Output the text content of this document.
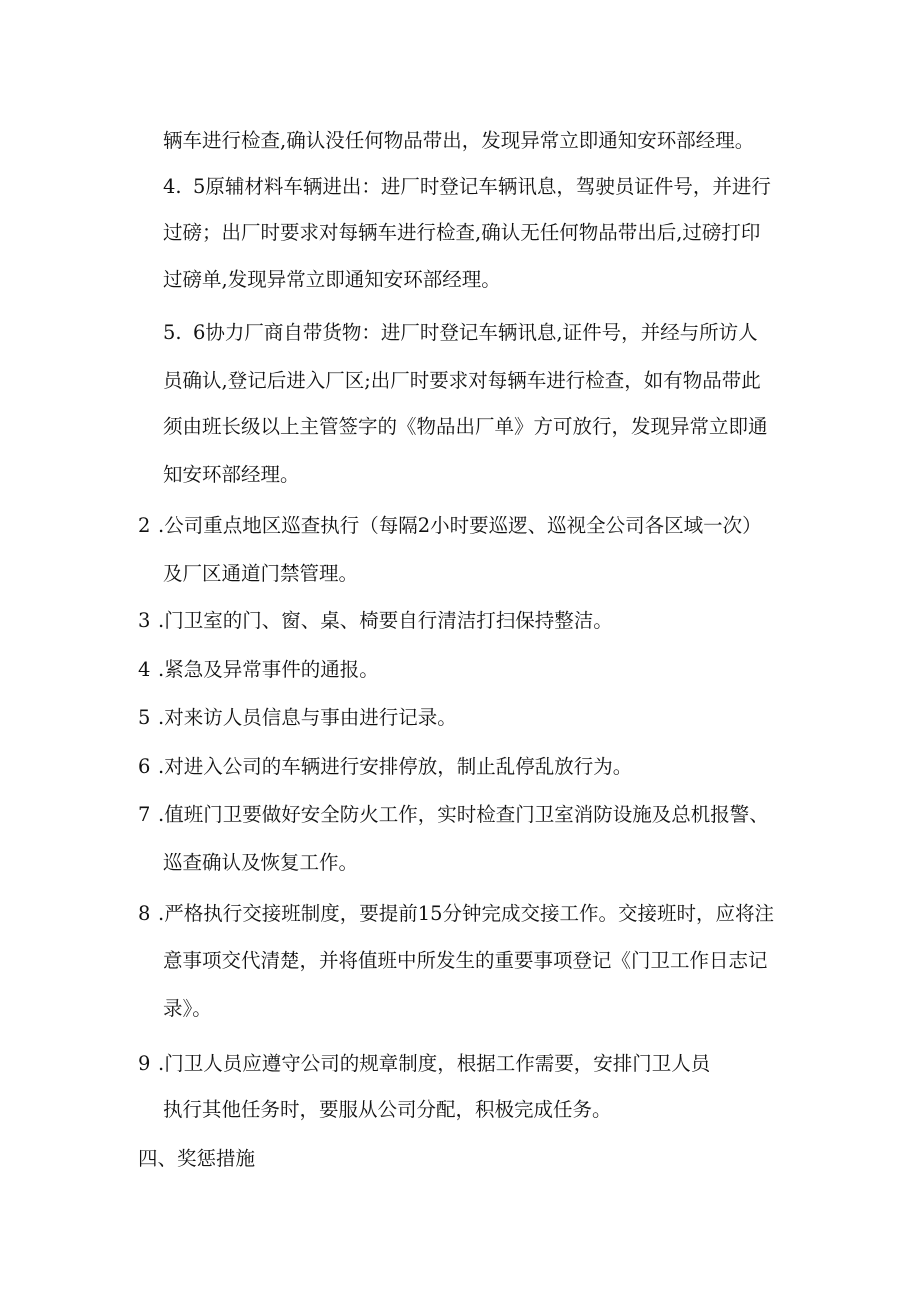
辆车进行检查,确认没任何物品带出，发现异常立即通知安环部经理。

4. 5原辅材料车辆进出：进厂时登记车辆讯息，驾驶员证件号，并进行

过磅；出厂时要求对每辆车进行检查,确认无任何物品带出后,过磅打印

过磅单,发现异常立即通知安环部经理。

5. 6协力厂商自带货物：进厂时登记车辆讯息,证件号，并经与所访人

员确认,登记后进入厂区;出厂时要求对每辆车进行检查，如有物品带此

须由班长级以上主管签字的《物品出厂单》方可放行，发现异常立即通

知安环部经理。

2 .公司重点地区巡查执行（每隔2小时要巡逻、巡视全公司各区域一次）

及厂区通道门禁管理。

3 .门卫室的门、窗、桌、椅要自行清洁打扫保持整洁。

4 .紧急及异常事件的通报。

5 .对来访人员信息与事由进行记录。

6 .对进入公司的车辆进行安排停放，制止乱停乱放行为。

7 .值班门卫要做好安全防火工作，实时检查门卫室消防设施及总机报警、

巡查确认及恢复工作。

8 .严格执行交接班制度，要提前15分钟完成交接工作。交接班时，应将注

意事项交代清楚，并将值班中所发生的重要事项登记《门卫工作日志记

录》。

9 .门卫人员应遵守公司的规章制度，根据工作需要，安排门卫人员

执行其他任务时，要服从公司分配，积极完成任务。

四、奖惩措施
